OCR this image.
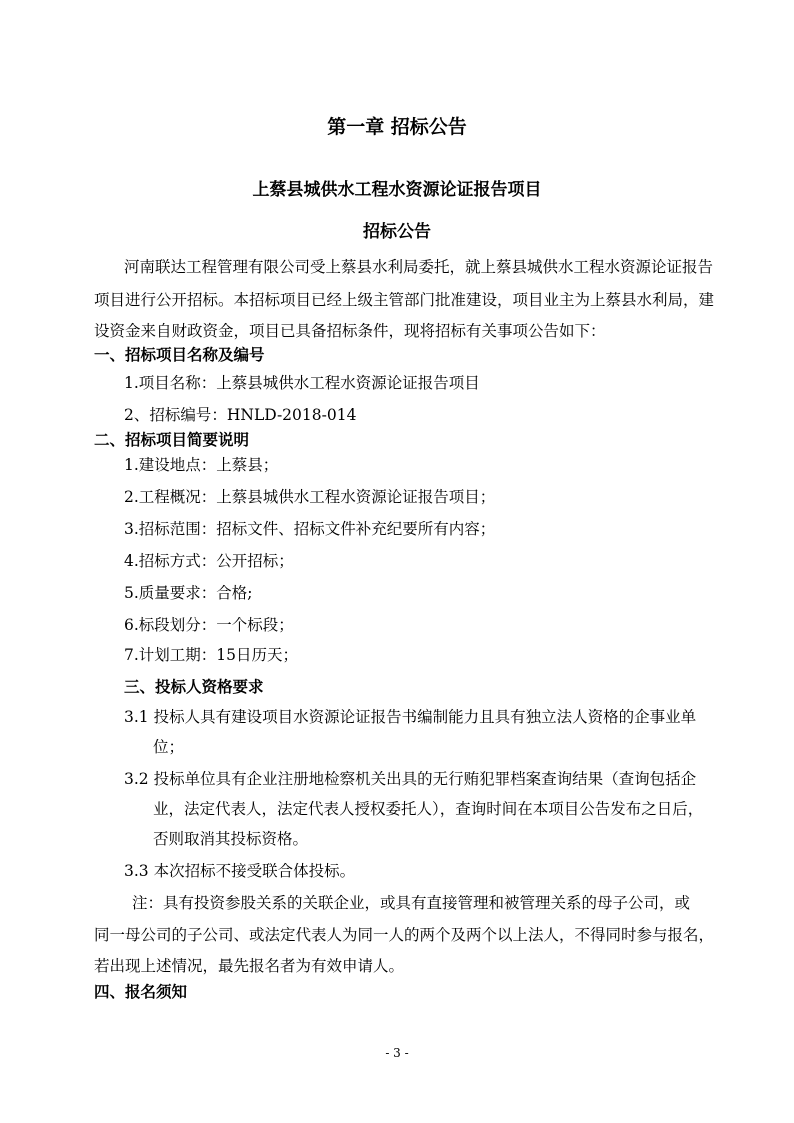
第一章 招标公告
上蔡县城供水工程水资源论证报告项目
招标公告
河南联达工程管理有限公司受上蔡县水利局委托，就上蔡县城供水工程水资源论证报告
项目进行公开招标。本招标项目已经上级主管部门批准建设，项目业主为上蔡县水利局，建
设资金来自财政资金，项目已具备招标条件，现将招标有关事项公告如下：
一、招标项目名称及编号
1.项目名称：上蔡县城供水工程水资源论证报告项目
2、招标编号：HNLD-2018-014
二、招标项目简要说明
1.建设地点：上蔡县；
2.工程概况：上蔡县城供水工程水资源论证报告项目；
3.招标范围：招标文件、招标文件补充纪要所有内容；
4.招标方式：公开招标；
5.质量要求：合格;
6.标段划分：一个标段；
7.计划工期：15日历天；
三、投标人资格要求
3.1 投标人具有建设项目水资源论证报告书编制能力且具有独立法人资格的企事业单
位；
3.2 投标单位具有企业注册地检察机关出具的无行贿犯罪档案查询结果（查询包括企
业，法定代表人，法定代表人授权委托人），查询时间在本项目公告发布之日后，
否则取消其投标资格。
3.3 本次招标不接受联合体投标。
注：具有投资参股关系的关联企业，或具有直接管理和被管理关系的母子公司，或
同一母公司的子公司、或法定代表人为同一人的两个及两个以上法人，不得同时参与报名，
若出现上述情况，最先报名者为有效申请人。
四、报名须知
- 3 -
